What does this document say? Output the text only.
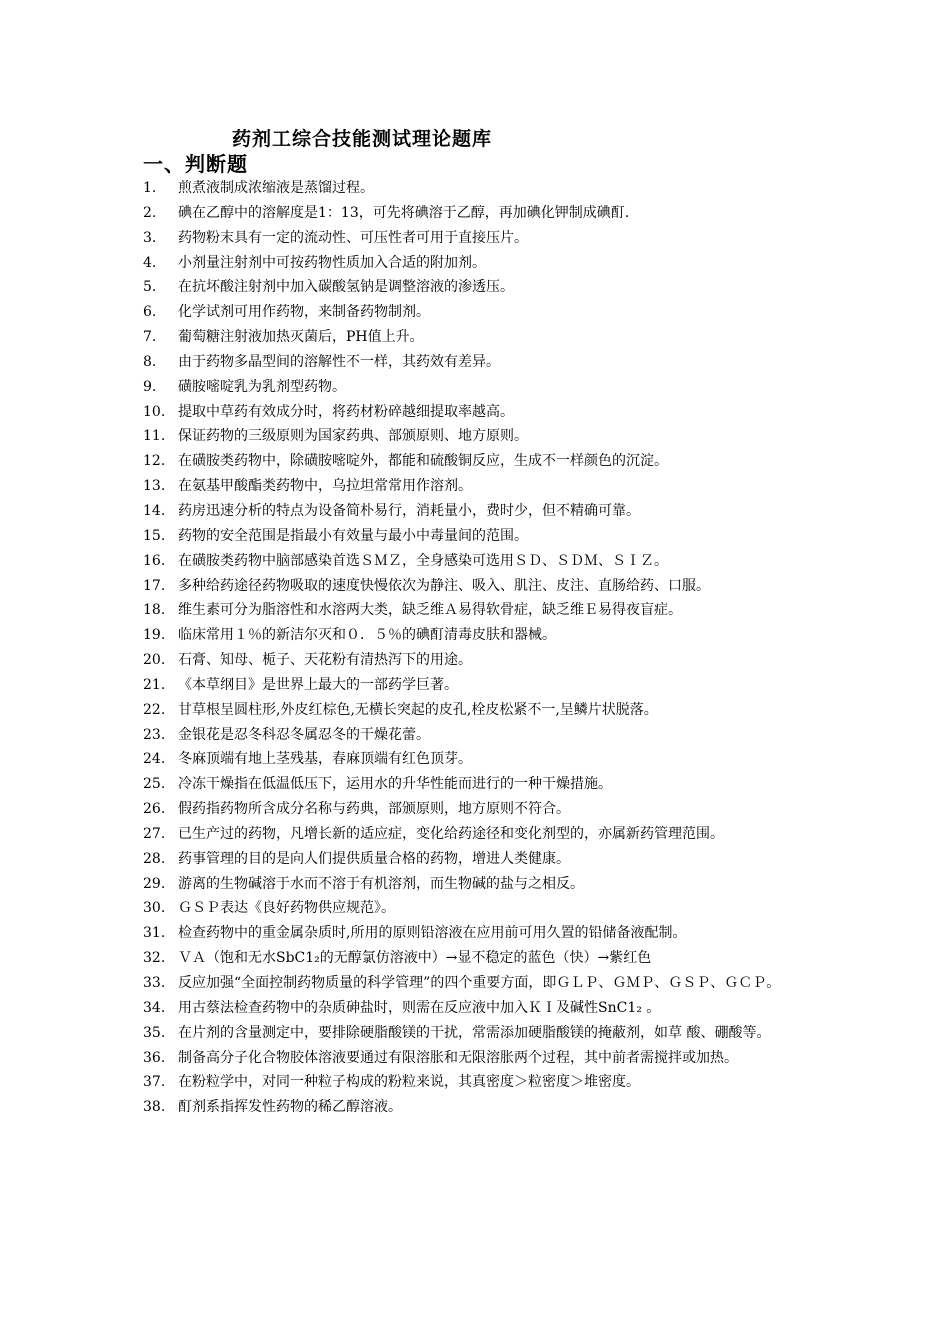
药剂工综合技能测试理论题库
一、判断题
1.	煎煮液制成浓缩液是蒸馏过程。
2.	碘在乙醇中的溶解度是1：13，可先将碘溶于乙醇，再加碘化钾制成碘酊.
3.	药物粉末具有一定的流动性、可压性者可用于直接压片。
4.	小剂量注射剂中可按药物性质加入合适的附加剂。
5.	在抗坏酸注射剂中加入碳酸氢钠是调整溶液的渗透压。
6.	化学试剂可用作药物，来制备药物制剂。
7.	葡萄糖注射液加热灭菌后，PH值上升。
8.	由于药物多晶型间的溶解性不一样，其药效有差异。
9.	磺胺嘧啶乳为乳剂型药物。
10. 提取中草药有效成分时，将药材粉碎越细提取率越高。
11. 保证药物的三级原则为国家药典、部颁原则、地方原则。
12. 在磺胺类药物中，除磺胺嘧啶外，都能和硫酸铜反应，生成不一样颜色的沉淀。
13. 在氨基甲酸酯类药物中，乌拉坦常常用作溶剂。
14. 药房迅速分析的特点为设备简朴易行，消耗量小，费时少，但不精确可靠。
15. 药物的安全范围是指最小有效量与最小中毒量间的范围。
16. 在磺胺类药物中脑部感染首选ＳＭＺ，全身感染可选用ＳＤ、ＳＤＭ、ＳＩＺ。
17. 多种给药途径药物吸取的速度快慢依次为静注、吸入、肌注、皮注、直肠给药、口服。
18. 维生素可分为脂溶性和水溶两大类，缺乏维Ａ易得软骨症，缺乏维Ｅ易得夜盲症。
19. 临床常用１％的新洁尔灭和０．５％的碘酊清毒皮肤和器械。
20. 石膏、知母、栀子、天花粉有清热泻下的用途。
21. 《本草纲目》是世界上最大的一部药学巨著。
22. 甘草根呈圆柱形,外皮红棕色,无横长突起的皮孔,栓皮松紧不一,呈鳞片状脱落。
23. 金银花是忍冬科忍冬属忍冬的干燥花蕾。
24. 冬麻顶端有地上茎残基，春麻顶端有红色顶芽。
25. 冷冻干燥指在低温低压下，运用水的升华性能而进行的一种干燥措施。
26. 假药指药物所含成分名称与药典，部颁原则，地方原则不符合。
27. 已生产过的药物，凡增长新的适应症，变化给药途径和变化剂型的，亦属新药管理范围。
28. 药事管理的目的是向人们提供质量合格的药物，增进人类健康。
29. 游离的生物碱溶于水而不溶于有机溶剂，而生物碱的盐与之相反。
30. ＧＳＰ表达《良好药物供应规范》。
31. 检查药物中的重金属杂质时,所用的原则铅溶液在应用前可用久置的铅储备液配制。
32. ＶＡ（饱和无水SbC1₂的无醇氯仿溶液中）→显不稳定的蓝色（快）→紫红色
33. 反应加强“全面控制药物质量的科学管理”的四个重要方面，即ＧＬＰ、ＧＭＰ、ＧＳＰ、ＧＣＰ。
34. 用古蔡法检查药物中的杂质砷盐时，则需在反应液中加入ＫＩ及碱性SnC1₂ 。
35. 在片剂的含量测定中，要排除硬脂酸镁的干扰，常需添加硬脂酸镁的掩蔽剂，如草 酸、硼酸等。
36. 制备高分子化合物胶体溶液要通过有限溶胀和无限溶胀两个过程，其中前者需搅拌或加热。
37. 在粉粒学中，对同一种粒子构成的粉粒来说，其真密度＞粒密度＞堆密度。
38. 酊剂系指挥发性药物的稀乙醇溶液。
